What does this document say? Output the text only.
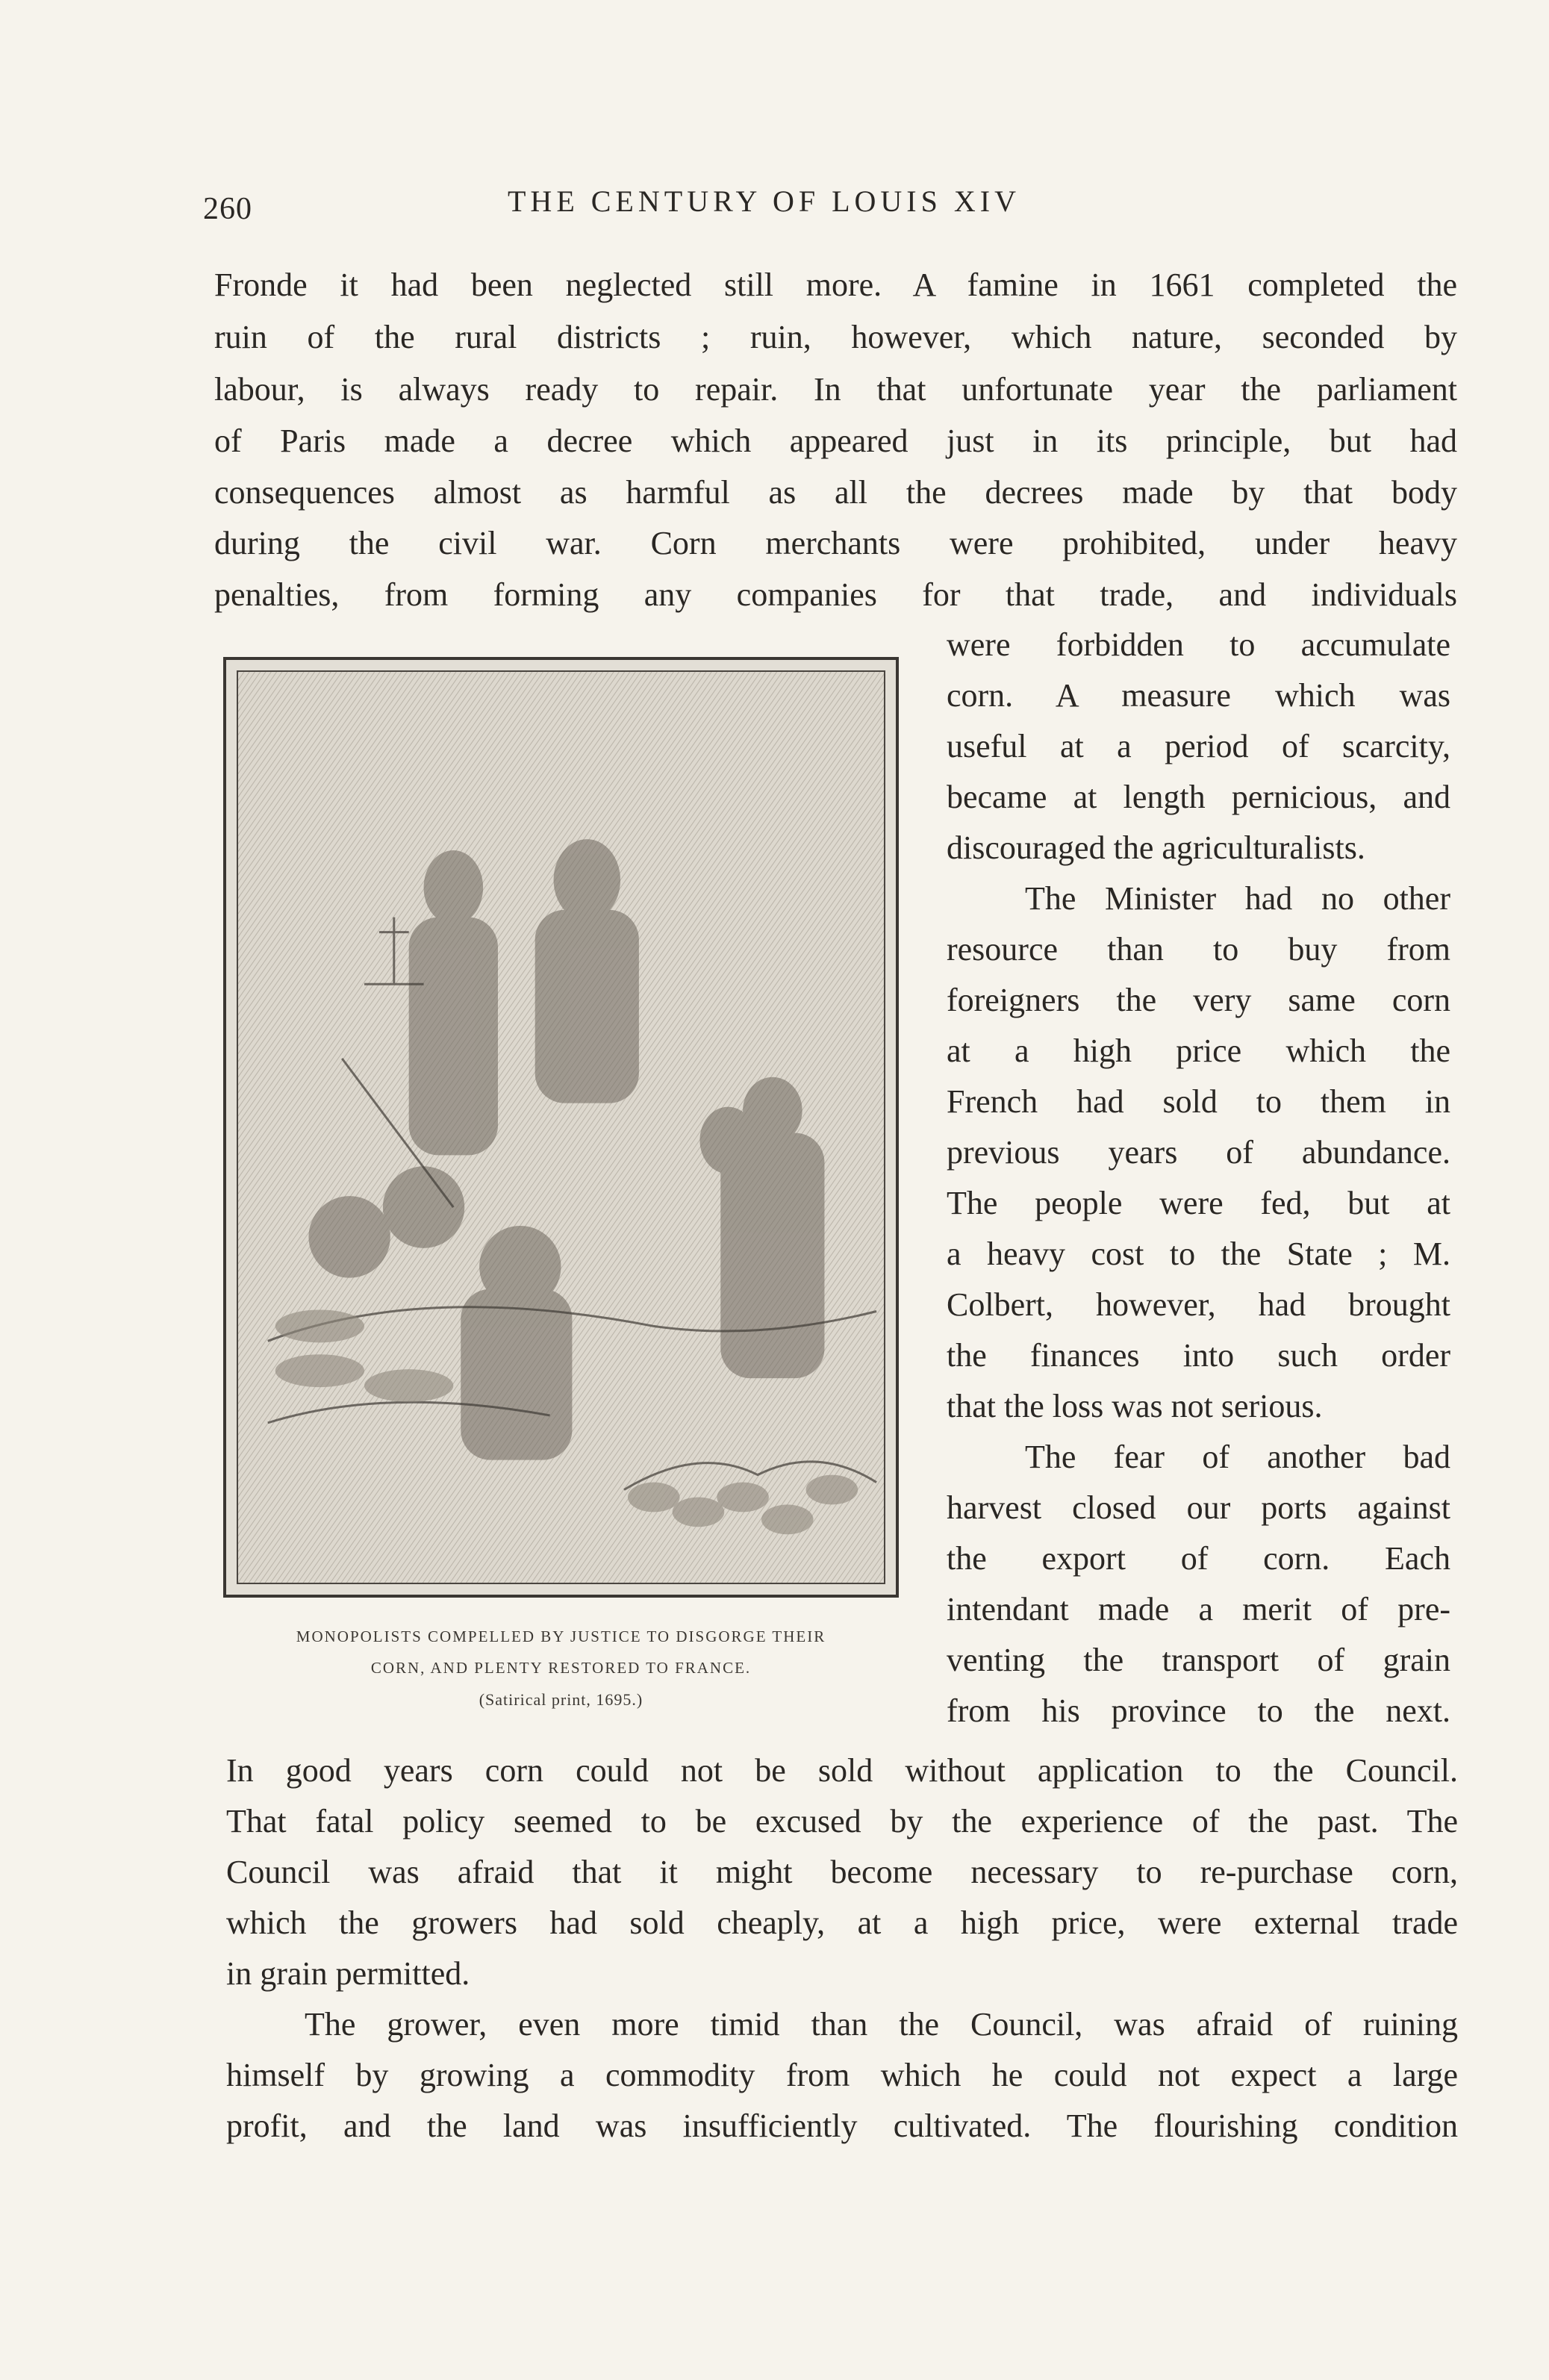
260	THE CENTURY OF LOUIS XIV
Fronde it had been neglected still more. A famine in 1661 completed the
ruin of the rural districts ; ruin, however, which nature, seconded by
labour, is always ready to repair. In that unfortunate year the parliament
of Paris made a decree which appeared just in its principle, but had
consequences almost as harmful as all the decrees made by that body
during the civil war. Corn merchants were prohibited, under heavy
penalties, from forming any companies for that trade, and individuals
were forbidden to accumulate
corn. A measure which was
useful at a period of scarcity,
became at length pernicious, and
discouraged the agriculturalists.
The Minister had no other
resource than to buy from
foreigners the very same corn
at a high price which the
French had sold to them in
previous years of abundance.
The people were fed, but at
a heavy cost to the State ; M.
Colbert, however, had brought
the finances into such order
that the loss was not serious.
The fear of another bad
harvest closed our ports against
the export of corn. Each
intendant made a merit of pre-
venting the transport of grain
from his province to the next.
MONOPOLISTS COMPELLED BY JUSTICE TO DISGORGE THEIR
CORN, AND PLENTY RESTORED TO FRANCE.
(Satirical print, 1695.)
In good years corn could not be sold without application to the Council.
That fatal policy seemed to be excused by the experience of the past. The
Council was afraid that it might become necessary to re-purchase corn,
which the growers had sold cheaply, at a high price, were external trade
in grain permitted.
The grower, even more timid than the Council, was afraid of ruining
himself by growing a commodity from which he could not expect a large
profit, and the land was insufficiently cultivated. The flourishing condition
